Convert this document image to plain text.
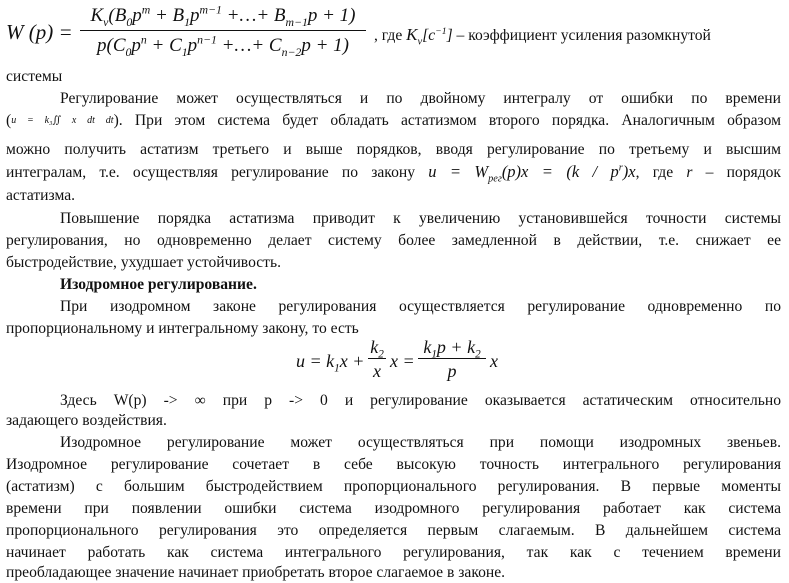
W (p) =
$K_v(B_0p^m + B_1p^{m-1}$ +…+ $B_{m-1}p + 1$)
$p(C_0p^n + C_1p^{n-1}$ +…+ $C_{n-2}p + 1$)	, где $K_v[c^{-1}]$ – коэффициент усиления разомкнутой
системы
Регулирование может осуществляться и по двойному интегралу от ошибки по времени
(u = k₃∬ x dt dt). При этом система будет обладать астатизмом второго порядка. Аналогичным образом
можно получить астатизм третьего и выше порядков, вводя регулирование по третьему и высшим
интегралам, т.е. осуществляя регулирование по закону $u = W_{рег}(p)x = (k / p^r)x$, где r – порядок
астатизма.
Повышение порядка астатизма приводит к увеличению установившейся точности системы
регулирования, но одновременно делает систему более замедленной в действии, т.е. снижает ее
быстродействие, ухудшает устойчивость.
Изодромное регулирование.
При изодромном законе регулирования осуществляется регулирование одновременно по
пропорциональному и интегральному закону, то есть
$u = k_1x$ +
$k_2$
x
x =
$k_1p + k_2$
p
x
Здесь W(p) -> ∞ при p -> 0 и регулирование оказывается астатическим относительно
задающего воздействия.
Изодромное регулирование может осуществляться при помощи изодромных звеньев.
Изодромное регулирование сочетает в себе высокую точность интегрального регулирования
(астатизм) с большим быстродействием пропорционального регулирования. В первые моменты
времени при появлении ошибки система изодромного регулирования работает как система
пропорционального регулирования это определяется первым слагаемым. В дальнейшем система
начинает работать как система интегрального регулирования, так как с течением времени
преобладающее значение начинает приобретать второе слагаемое в законе.
